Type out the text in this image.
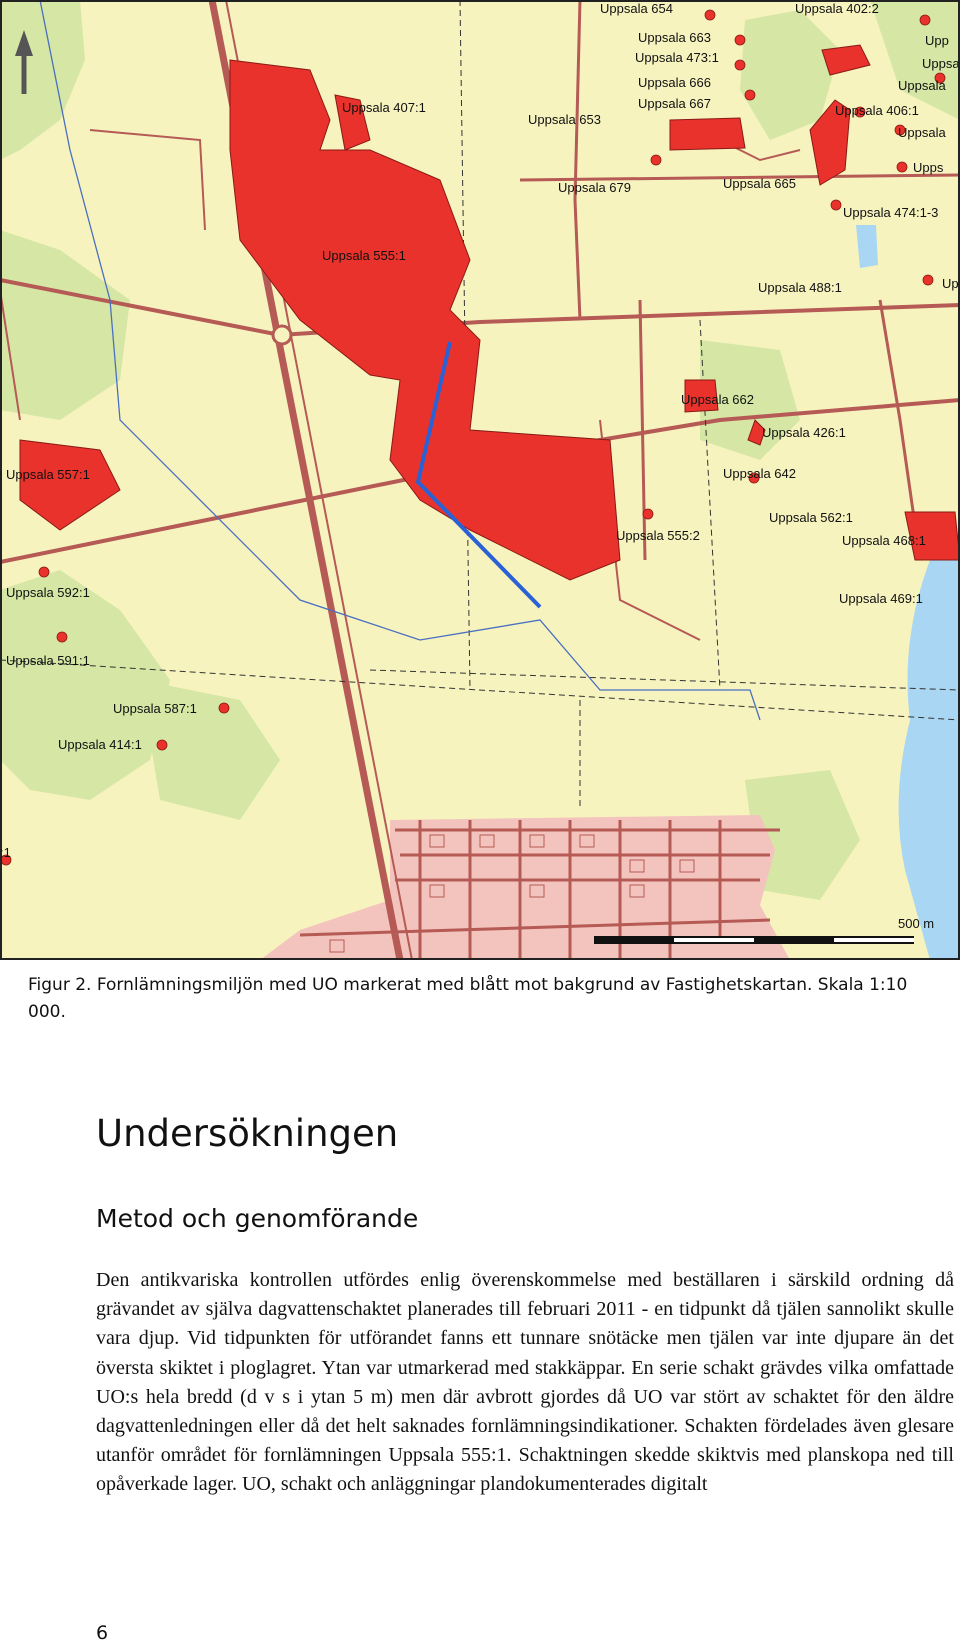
500 m
Uppsala 654	Uppsala 402:2
Upp
Uppsa
Uppsala
Uppsala
Upps
Uppsala 663
Uppsala 473:1
Uppsala 666
Uppsala 667
Uppsala 407:1
Uppsala 653
Uppsala 406:1
Uppsala 679	Uppsala 665
Uppsala 474:1-3
Uppsala 555:1
Uppsala 488:1	Up
Uppsala 662
Uppsala 426:1
Uppsala 557:1	Uppsala 642
Uppsala 562:1
Uppsala 555:2	Uppsala 468:1
Uppsala 592:1	Uppsala 469:1
Uppsala 591:1
Uppsala 587:1
Uppsala 414:1
:1
Figur 2. Fornlämningsmiljön med UO markerat med blått mot bakgrund av Fastighetskartan. Skala 1:10 000.
Undersökningen
Metod och genomförande

Den antikvariska kontrollen utfördes enlig överenskommelse med beställaren i särskild ordning då grävandet av själva dagvattenschaktet planerades till februari 2011 - en tidpunkt då tjälen sannolikt skulle vara djup. Vid tidpunkten för utförandet fanns ett tunnare snötäcke men tjälen var inte djupare än det översta skiktet i ploglagret. Ytan var utmarkerad med stakkäppar. En serie schakt grävdes vilka omfattade UO:s hela bredd (d v s i ytan 5 m) men där avbrott gjordes då UO var stört av schaktet för den äldre dagvattenledningen eller då det helt saknades fornlämningsindikationer. Schakten fördelades även glesare utanför området för fornlämningen Uppsala 555:1. Schaktningen skedde skiktvis med planskopa ned till opåverkade lager. UO, schakt och anläggningar plandokumenterades digitalt

6
